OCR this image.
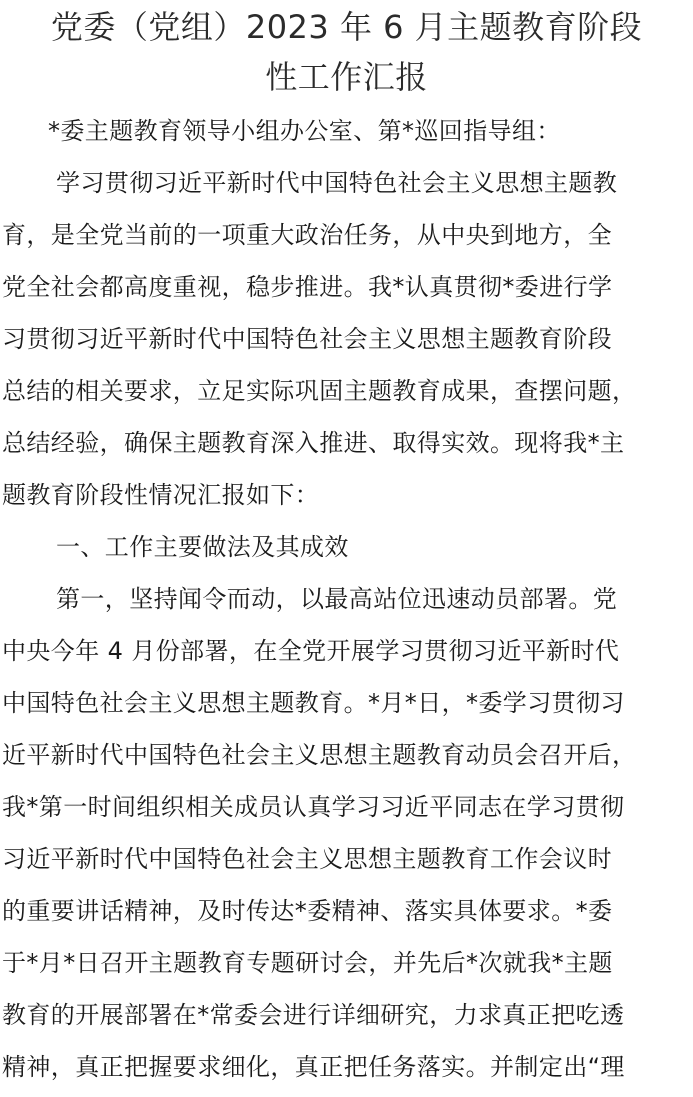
党委（党组）2023 年 6 月主题教育阶段
性工作汇报
*委主题教育领导小组办公室、第*巡回指导组：
学习贯彻习近平新时代中国特色社会主义思想主题教
育，是全党当前的一项重大政治任务，从中央到地方，全
党全社会都高度重视，稳步推进。我*认真贯彻*委进行学
习贯彻习近平新时代中国特色社会主义思想主题教育阶段
总结的相关要求，立足实际巩固主题教育成果，查摆问题，
总结经验，确保主题教育深入推进、取得实效。现将我*主
题教育阶段性情况汇报如下：
一、工作主要做法及其成效
第一，坚持闻令而动，以最高站位迅速动员部署。党
中央今年 4 月份部署，在全党开展学习贯彻习近平新时代
中国特色社会主义思想主题教育。*月*日，*委学习贯彻习
近平新时代中国特色社会主义思想主题教育动员会召开后，
我*第一时间组织相关成员认真学习习近平同志在学习贯彻
习近平新时代中国特色社会主义思想主题教育工作会议时
的重要讲话精神，及时传达*委精神、落实具体要求。*委
于*月*日召开主题教育专题研讨会，并先后*次就我*主题
教育的开展部署在*常委会进行详细研究，力求真正把吃透
精神，真正把握要求细化，真正把任务落实。并制定出“理
